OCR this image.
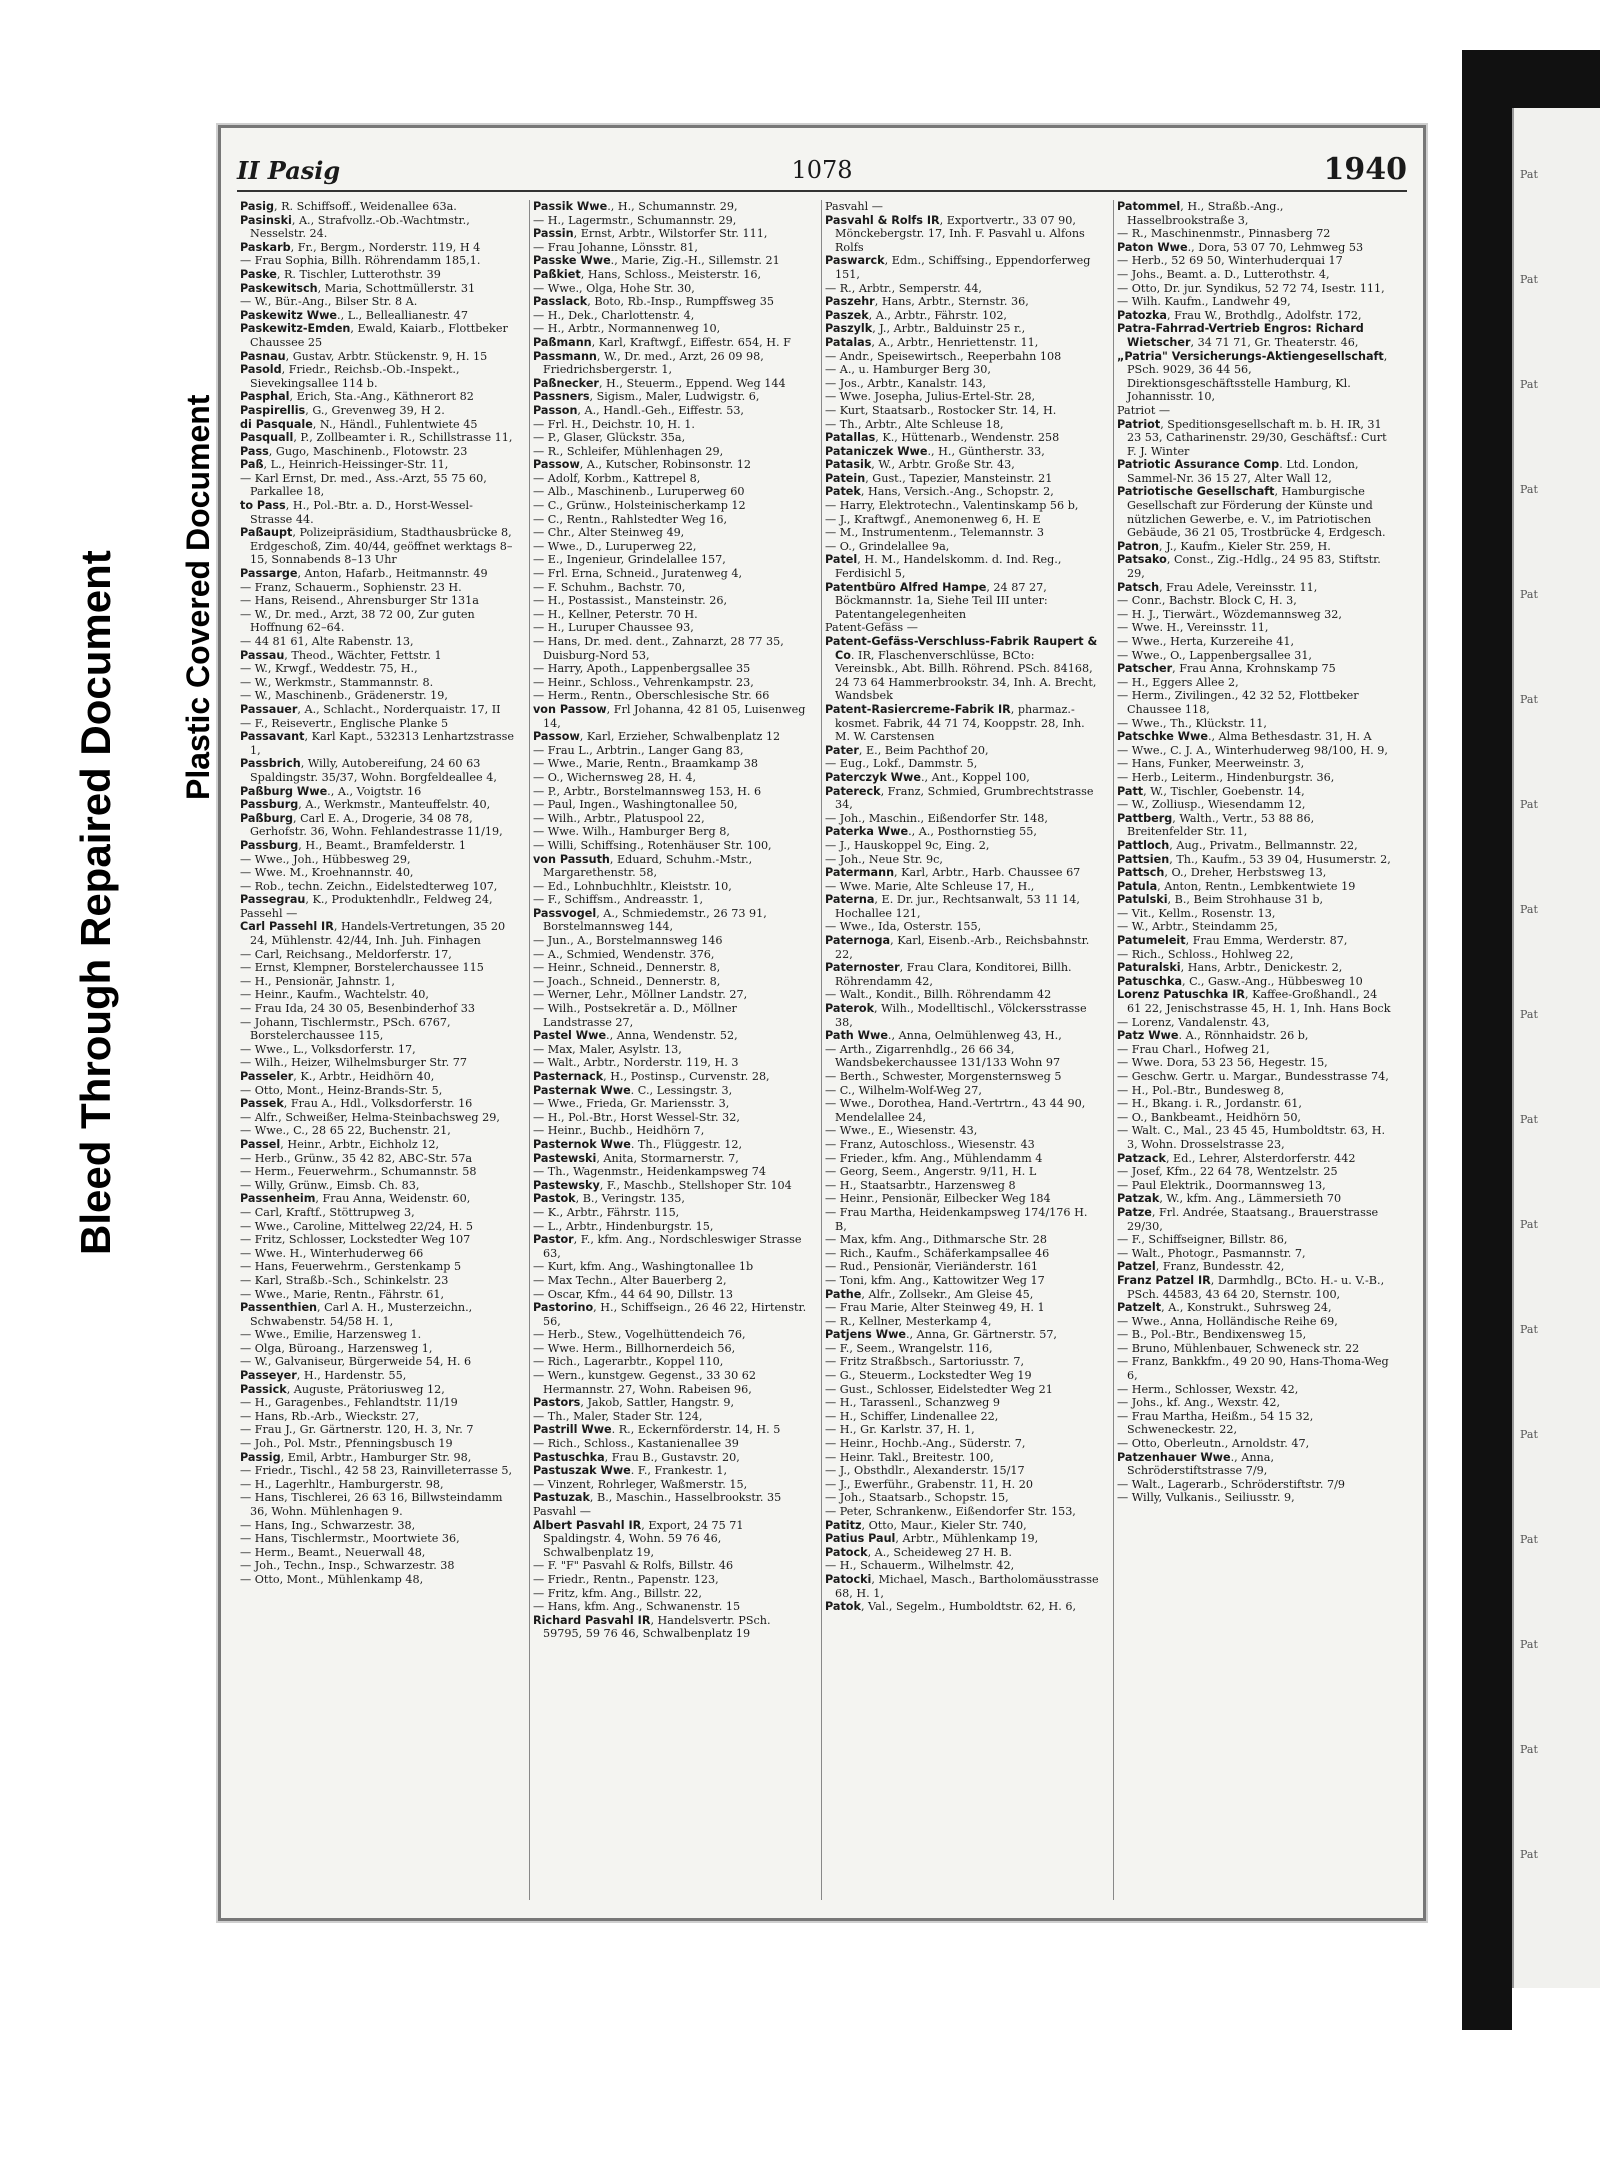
Bleed Through Repaired Document Plastic Covered Document
Pat
Pat
Pat
Pat
Pat
Pat
Pat
Pat
Pat
Pat
Pat
Pat
Pat
Pat
Pat
Pat
Pat
II Pasig	1078	1940

Pasig, R. Schiffsoff., Weidenallee 63a.

Pasinski, A., Strafvollz.-Ob.-Wachtmstr., Nesselstr. 24.

Paskarb, Fr., Bergm., Norderstr. 119, H 4

— Frau Sophia, Billh. Röhrendamm 185,1.

Paske, R. Tischler, Lutterothstr. 39

Paskewitsch, Maria, Schottmüllerstr. 31

— W., Bür.-Ang., Bilser Str. 8 A.

Paskewitz Wwe., L., Belleallianestr. 47

Paskewitz-Emden, Ewald, Kaiarb., Flottbeker Chaussee 25

Pasnau, Gustav, Arbtr. Stückenstr. 9, H. 15

Pasold, Friedr., Reichsb.-Ob.-Inspekt., Sievekingsallee 114 b.

Pasphal, Erich, Sta.-Ang., Käthnerort 82

Paspirellis, G., Grevenweg 39, H 2.

di Pasquale, N., Händl., Fuhlentwiete 45

Pasquall, P., Zollbeamter i. R., Schillstrasse 11,

Pass, Gugo, Maschinenb., Flotowstr. 23

Paß, L., Heinrich-Heissinger-Str. 11,

— Karl Ernst, Dr. med., Ass.-Arzt, 55 75 60, Parkallee 18,

to Pass, H., Pol.-Btr. a. D., Horst-Wessel-Strasse 44.

Paßaupt, Polizeipräsidium, Stadthausbrücke 8, Erdgeschoß, Zim. 40/44, geöffnet werktags 8–15, Sonnabends 8–13 Uhr

Passarge, Anton, Hafarb., Heitmannstr. 49

— Franz, Schauerm., Sophienstr. 23 H.

— Hans, Reisend., Ahrensburger Str 131a

— W., Dr. med., Arzt, 38 72 00, Zur guten Hoffnung 62–64.

— 44 81 61, Alte Rabenstr. 13,

Passau, Theod., Wächter, Fettstr. 1

— W., Krwgf., Weddestr. 75, H.,

— W., Werkmstr., Stammannstr. 8.

— W., Maschinenb., Grädenerstr. 19,

Passauer, A., Schlacht., Norderquaistr. 17, II

— F., Reisevertr., Englische Planke 5

Passavant, Karl Kapt., 532313 Lenhartzstrasse 1,

Passbrich, Willy, Autobereifung, 24 60 63 Spaldingstr. 35/37, Wohn. Borgfeldeallee 4,

Paßburg Wwe., A., Voigtstr. 16

Passburg, A., Werkmstr., Manteuffelstr. 40,

Paßburg, Carl E. A., Drogerie, 34 08 78, Gerhofstr. 36, Wohn. Fehlandestrasse 11/19,

Passburg, H., Beamt., Bramfelderstr. 1

— Wwe., Joh., Hübbesweg 29,

— Wwe. M., Kroehnannstr. 40,

— Rob., techn. Zeichn., Eidelstedterweg 107,

Passegrau, K., Produktenhdlr., Feldweg 24,

Passehl —

Carl Passehl IR, Handels-Vertretungen, 35 20 24, Mühlenstr. 42/44, Inh. Juh. Finhagen

— Carl, Reichsang., Meldorferstr. 17,

— Ernst, Klempner, Borstelerchaussee 115

— H., Pensionär, Jahnstr. 1,

— Heinr., Kaufm., Wachtelstr. 40,

— Frau Ida, 24 30 05, Besenbinderhof 33

— Johann, Tischlermstr., PSch. 6767, Borstelerchaussee 115,

— Wwe., L., Volksdorferstr. 17,

— Wilh., Heizer, Wilhelmsburger Str. 77

Passeler, K., Arbtr., Heidhörn 40,

— Otto, Mont., Heinz-Brands-Str. 5,

Passek, Frau A., Hdl., Volksdorferstr. 16

— Alfr., Schweißer, Helma-Steinbachsweg 29,

— Wwe., C., 28 65 22, Buchenstr. 21,

Passel, Heinr., Arbtr., Eichholz 12,

— Herb., Grünw., 35 42 82, ABC-Str. 57a

— Herm., Feuerwehrm., Schumannstr. 58

— Willy, Grünw., Eimsb. Ch. 83,

Passenheim, Frau Anna, Weidenstr. 60,

— Carl, Kraftf., Stöttrupweg 3,

— Wwe., Caroline, Mittelweg 22/24, H. 5

— Fritz, Schlosser, Lockstedter Weg 107

— Wwe. H., Winterhuderweg 66

— Hans, Feuerwehrm., Gerstenkamp 5

— Karl, Straßb.-Sch., Schinkelstr. 23

— Wwe., Marie, Rentn., Fährstr. 61,

Passenthien, Carl A. H., Musterzeichn., Schwabenstr. 54/58 H. 1,

— Wwe., Emilie, Harzensweg 1.

— Olga, Büroang., Harzensweg 1,

— W., Galvaniseur, Bürgerweide 54, H. 6

Passeyer, H., Hardenstr. 55,

Passick, Auguste, Prätoriusweg 12,

— H., Garagenbes., Fehlandtstr. 11/19

— Hans, Rb.-Arb., Wieckstr. 27,

— Frau J., Gr. Gärtnerstr. 120, H. 3, Nr. 7

— Joh., Pol. Mstr., Pfenningsbusch 19

Passig, Emil, Arbtr., Hamburger Str. 98,

— Friedr., Tischl., 42 58 23, Rainvilleterrasse 5,

— H., Lagerhltr., Hamburgerstr. 98,

— Hans, Tischlerei, 26 63 16, Billwsteindamm 36, Wohn. Mühlenhagen 9.

— Hans, Ing., Schwarzestr. 38,

— Hans, Tischlermstr., Moortwiete 36,

— Herm., Beamt., Neuerwall 48,

— Joh., Techn., Insp., Schwarzestr. 38

— Otto, Mont., Mühlenkamp 48,

Passik Wwe., H., Schumannstr. 29,

— H., Lagermstr., Schumannstr. 29,

Passin, Ernst, Arbtr., Wilstorfer Str. 111,

— Frau Johanne, Lönsstr. 81,

Passke Wwe., Marie, Zig.-H., Sillemstr. 21

Paßkiet, Hans, Schloss., Meisterstr. 16,

— Wwe., Olga, Hohe Str. 30,

Passlack, Boto, Rb.-Insp., Rumpffsweg 35

— H., Dek., Charlottenstr. 4,

— H., Arbtr., Normannenweg 10,

Paßmann, Karl, Kraftwgf., Eiffestr. 654, H. F

Passmann, W., Dr. med., Arzt, 26 09 98, Friedrichsbergerstr. 1,

Paßnecker, H., Steuerm., Eppend. Weg 144

Passners, Sigism., Maler, Ludwigstr. 6,

Passon, A., Handl.-Geh., Eiffestr. 53,

— Frl. H., Deichstr. 10, H. 1.

— P., Glaser, Glückstr. 35a,

— R., Schleifer, Mühlenhagen 29,

Passow, A., Kutscher, Robinsonstr. 12

— Adolf, Korbm., Kattrepel 8,

— Alb., Maschinenb., Luruperweg 60

— C., Grünw., Holsteinischerkamp 12

— C., Rentn., Rahlstedter Weg 16,

— Chr., Alter Steinweg 49,

— Wwe., D., Luruperweg 22,

— E., Ingenieur, Grindelallee 157,

— Frl. Erna, Schneid., Juratenweg 4,

— F. Schuhm., Bachstr. 70,

— H., Postassist., Mansteinstr. 26,

— H., Kellner, Peterstr. 70 H.

— H., Luruper Chaussee 93,

— Hans, Dr. med. dent., Zahnarzt, 28 77 35, Duisburg-Nord 53,

— Harry, Apoth., Lappenbergsallee 35

— Heinr., Schloss., Vehrenkampstr. 23,

— Herm., Rentn., Oberschlesische Str. 66

von Passow, Frl Johanna, 42 81 05, Luisenweg 14,

Passow, Karl, Erzieher, Schwalbenplatz 12

— Frau L., Arbtrin., Langer Gang 83,

— Wwe., Marie, Rentn., Braamkamp 38

— O., Wichernsweg 28, H. 4,

— P., Arbtr., Borstelmannsweg 153, H. 6

— Paul, Ingen., Washingtonallee 50,

— Wilh., Arbtr., Platuspool 22,

— Wwe. Wilh., Hamburger Berg 8,

— Willi, Schiffsing., Rotenhäuser Str. 100,

von Passuth, Eduard, Schuhm.-Mstr., Margarethenstr. 58,

— Ed., Lohnbuchhltr., Kleiststr. 10,

— F., Schiffsm., Andreasstr. 1,

Passvogel, A., Schmiedemstr., 26 73 91, Borstelmannsweg 144,

— Jun., A., Borstelmannsweg 146

— A., Schmied, Wendenstr. 376,

— Heinr., Schneid., Dennerstr. 8,

— Joach., Schneid., Dennerstr. 8,

— Werner, Lehr., Möllner Landstr. 27,

— Wilh., Postsekretär a. D., Möllner Landstrasse 27,

Pastel Wwe., Anna, Wendenstr. 52,

— Max, Maler, Asylstr. 13,

— Walt., Arbtr., Norderstr. 119, H. 3

Pasternack, H., Postinsp., Curvenstr. 28,

Pasternak Wwe. C., Lessingstr. 3,

— Wwe., Frieda, Gr. Mariensstr. 3,

— H., Pol.-Btr., Horst Wessel-Str. 32,

— Heinr., Buchb., Heidhörn 7,

Pasternok Wwe. Th., Flüggestr. 12,

Pastewski, Anita, Stormarnerstr. 7,

— Th., Wagenmstr., Heidenkampsweg 74

Pastewsky, F., Maschb., Stellshoper Str. 104

Pastok, B., Veringstr. 135,

— K., Arbtr., Fährstr. 115,

— L., Arbtr., Hindenburgstr. 15,

Pastor, F., kfm. Ang., Nordschleswiger Strasse 63,

— Kurt, kfm. Ang., Washingtonallee 1b

— Max Techn., Alter Bauerberg 2,

— Oscar, Kfm., 44 64 90, Dillstr. 13

Pastorino, H., Schiffseign., 26 46 22, Hirtenstr. 56,

— Herb., Stew., Vogelhüttendeich 76,

— Wwe. Herm., Billhornerdeich 56,

— Rich., Lagerarbtr., Koppel 110,

— Wern., kunstgew. Gegenst., 33 30 62 Hermannstr. 27, Wohn. Rabeisen 96,

Pastors, Jakob, Sattler, Hangstr. 9,

— Th., Maler, Stader Str. 124,

Pastrill Wwe. R., Eckernförderstr. 14, H. 5

— Rich., Schloss., Kastanienallee 39

Pastuschka, Frau B., Gustavstr. 20,

Pastuszak Wwe. F., Frankestr. 1,

— Vinzent, Rohrleger, Waßmerstr. 15,

Pastuzak, B., Maschin., Hasselbrookstr. 35

Pasvahl —

Albert Pasvahl IR, Export, 24 75 71 Spaldingstr. 4, Wohn. 59 76 46, Schwalbenplatz 19,

— F. "F" Pasvahl & Rolfs, Billstr. 46

— Friedr., Rentn., Papenstr. 123,

— Fritz, kfm. Ang., Billstr. 22,

— Hans, kfm. Ang., Schwanenstr. 15

Richard Pasvahl IR, Handelsvertr. PSch. 59795, 59 76 46, Schwalbenplatz 19

Pasvahl —

Pasvahl & Rolfs IR, Exportvertr., 33 07 90, Mönckebergstr. 17, Inh. F. Pasvahl u. Alfons Rolfs

Paswarck, Edm., Schiffsing., Eppendorferweg 151,

— R., Arbtr., Semperstr. 44,

Paszehr, Hans, Arbtr., Sternstr. 36,

Paszek, A., Arbtr., Fährstr. 102,

Paszylk, J., Arbtr., Balduinstr 25 r.,

Patalas, A., Arbtr., Henriettenstr. 11,

— Andr., Speisewirtsch., Reeperbahn 108

— A., u. Hamburger Berg 30,

— Jos., Arbtr., Kanalstr. 143,

— Wwe. Josepha, Julius-Ertel-Str. 28,

— Kurt, Staatsarb., Rostocker Str. 14, H.

— Th., Arbtr., Alte Schleuse 18,

Patallas, K., Hüttenarb., Wendenstr. 258

Pataniczek Wwe., H., Güntherstr. 33,

Patasik, W., Arbtr. Große Str. 43,

Patein, Gust., Tapezier, Mansteinstr. 21

Patek, Hans, Versich.-Ang., Schopstr. 2,

— Harry, Elektrotechn., Valentinskamp 56 b,

— J., Kraftwgf., Anemonenweg 6, H. E

— M., Instrumentenm., Telemannstr. 3

— O., Grindelallee 9a,

Patel, H. M., Handelskomm. d. Ind. Reg., Ferdisichl 5,

Patentbüro Alfred Hampe, 24 87 27, Böckmannstr. 1a, Siehe Teil III unter: Patentangelegenheiten

Patent-Gefäss —

Patent-Gefäss-Verschluss-Fabrik Raupert & Co. IR, Flaschenverschlüsse, BCto: Vereinsbk., Abt. Billh. Röhrend. PSch. 84168, 24 73 64 Hammerbrookstr. 34, Inh. A. Brecht, Wandsbek

Patent-Rasiercreme-Fabrik IR, pharmaz.-kosmet. Fabrik, 44 71 74, Kooppstr. 28, Inh. M. W. Carstensen

Pater, E., Beim Pachthof 20,

— Eug., Lokf., Dammstr. 5,

Paterczyk Wwe., Ant., Koppel 100,

Patereck, Franz, Schmied, Grumbrechtstrasse 34,

— Joh., Maschin., Eißendorfer Str. 148,

Paterka Wwe., A., Posthornstieg 55,

— J., Hauskoppel 9c, Eing. 2,

— Joh., Neue Str. 9c,

Patermann, Karl, Arbtr., Harb. Chaussee 67

— Wwe. Marie, Alte Schleuse 17, H.,

Paterna, E. Dr. jur., Rechtsanwalt, 53 11 14, Hochallee 121,

— Wwe., Ida, Osterstr. 155,

Paternoga, Karl, Eisenb.-Arb., Reichsbahnstr. 22,

Paternoster, Frau Clara, Konditorei, Billh. Röhrendamm 42,

— Walt., Kondit., Billh. Röhrendamm 42

Paterok, Wilh., Modelltischl., Völckersstrasse 38,

Path Wwe., Anna, Oelmühlenweg 43, H.,

— Arth., Zigarrenhdlg., 26 66 34, Wandsbekerchaussee 131/133 Wohn 97

— Berth., Schwester, Morgensternsweg 5

— C., Wilhelm-Wolf-Weg 27,

— Wwe., Dorothea, Hand.-Vertrtrn., 43 44 90, Mendelallee 24,

— Wwe., E., Wiesenstr. 43,

— Franz, Autoschloss., Wiesenstr. 43

— Frieder., kfm. Ang., Mühlendamm 4

— Georg, Seem., Angerstr. 9/11, H. L

— H., Staatsarbtr., Harzensweg 8

— Heinr., Pensionär, Eilbecker Weg 184

— Frau Martha, Heidenkampsweg 174/176 H. B,

— Max, kfm. Ang., Dithmarsche Str. 28

— Rich., Kaufm., Schäferkampsallee 46

— Rud., Pensionär, Vieriänderstr. 161

— Toni, kfm. Ang., Kattowitzer Weg 17

Pathe, Alfr., Zollsekr., Am Gleise 45,

— Frau Marie, Alter Steinweg 49, H. 1

— R., Kellner, Mesterkamp 4,

Patjens Wwe., Anna, Gr. Gärtnerstr. 57,

— F., Seem., Wrangelstr. 116,

— Fritz Straßbsch., Sartoriusstr. 7,

— G., Steuerm., Lockstedter Weg 19

— Gust., Schlosser, Eidelstedter Weg 21

— H., Tarassenl., Schanzweg 9

— H., Schiffer, Lindenallee 22,

— H., Gr. Karlstr. 37, H. 1,

— Heinr., Hochb.-Ang., Süderstr. 7,

— Heinr. Takl., Breitestr. 100,

— J., Obsthdlr., Alexanderstr. 15/17

— J., Ewerführ., Grabenstr. 11, H. 20

— Joh., Staatsarb., Schopstr. 15,

— Peter, Schrankenw., Eißendorfer Str. 153,

Patitz, Otto, Maur., Kieler Str. 740,

Patius Paul, Arbtr., Mühlenkamp 19,

Patock, A., Scheideweg 27 H. B.

— H., Schauerm., Wilhelmstr. 42,

Patocki, Michael, Masch., Bartholomäusstrasse 68, H. 1,

Patok, Val., Segelm., Humboldtstr. 62, H. 6,

Patommel, H., Straßb.-Ang., Hasselbrookstraße 3,

— R., Maschinenmstr., Pinnasberg 72

Paton Wwe., Dora, 53 07 70, Lehmweg 53

— Herb., 52 69 50, Winterhuderquai 17

— Johs., Beamt. a. D., Lutterothstr. 4,

— Otto, Dr. jur. Syndikus, 52 72 74, Isestr. 111,

— Wilh. Kaufm., Landwehr 49,

Patozka, Frau W., Brothdlg., Adolfstr. 172,

Patra-Fahrrad-Vertrieb Engros: Richard Wietscher, 34 71 71, Gr. Theaterstr. 46,

„Patria" Versicherungs-Aktiengesellschaft, PSch. 9029, 36 44 56, Direktionsgeschäftsstelle Hamburg, Kl. Johannisstr. 10,

Patriot —

Patriot, Speditionsgesellschaft m. b. H. IR, 31 23 53, Catharinenstr. 29/30, Geschäftsf.: Curt F. J. Winter

Patriotic Assurance Comp. Ltd. London, Sammel-Nr. 36 15 27, Alter Wall 12,

Patriotische Gesellschaft, Hamburgische Gesellschaft zur Förderung der Künste und nützlichen Gewerbe, e. V., im Patriotischen Gebäude, 36 21 05, Trostbrücke 4, Erdgesch.

Patron, J., Kaufm., Kieler Str. 259, H.

Patsako, Const., Zig.-Hdlg., 24 95 83, Stiftstr. 29,

Patsch, Frau Adele, Vereinsstr. 11,

— Conr., Bachstr. Block C, H. 3,

— H. J., Tierwärt., Wözdemannsweg 32,

— Wwe. H., Vereinsstr. 11,

— Wwe., Herta, Kurzereihe 41,

— Wwe., O., Lappenbergsallee 31,

Patscher, Frau Anna, Krohnskamp 75

— H., Eggers Allee 2,

— Herm., Zivilingen., 42 32 52, Flottbeker Chaussee 118,

— Wwe., Th., Klückstr. 11,

Patschke Wwe., Alma Bethesdastr. 31, H. A

— Wwe., C. J. A., Winterhuderweg 98/100, H. 9,

— Hans, Funker, Meerweinstr. 3,

— Herb., Leiterm., Hindenburgstr. 36,

Patt, W., Tischler, Goebenstr. 14,

— W., Zolliusp., Wiesendamm 12,

Pattberg, Walth., Vertr., 53 88 86, Breitenfelder Str. 11,

Pattloch, Aug., Privatm., Bellmannstr. 22,

Pattsien, Th., Kaufm., 53 39 04, Husumerstr. 2,

Pattsch, O., Dreher, Herbstsweg 13,

Patula, Anton, Rentn., Lembkentwiete 19

Patulski, B., Beim Strohhause 31 b,

— Vit., Kellm., Rosenstr. 13,

— W., Arbtr., Steindamm 25,

Patumeleit, Frau Emma, Werderstr. 87,

— Rich., Schloss., Hohlweg 22,

Paturalski, Hans, Arbtr., Denickestr. 2,

Patuschka, C., Gasw.-Ang., Hübbesweg 10

Lorenz Patuschka IR, Kaffee-Großhandl., 24 61 22, Jenischstrasse 45, H. 1, Inh. Hans Bock

— Lorenz, Vandalenstr. 43,

Patz Wwe. A., Rönnhaidstr. 26 b,

— Frau Charl., Hofweg 21,

— Wwe. Dora, 53 23 56, Hegestr. 15,

— Geschw. Gertr. u. Margar., Bundesstrasse 74,

— H., Pol.-Btr., Bundesweg 8,

— H., Bkang. i. R., Jordanstr. 61,

— O., Bankbeamt., Heidhörn 50,

— Walt. C., Mal., 23 45 45, Humboldtstr. 63, H. 3, Wohn. Drosselstrasse 23,

Patzack, Ed., Lehrer, Alsterdorferstr. 442

— Josef, Kfm., 22 64 78, Wentzelstr. 25

— Paul Elektrik., Doormannsweg 13,

Patzak, W., kfm. Ang., Lämmersieth 70

Patze, Frl. Andrée, Staatsang., Brauerstrasse 29/30,

— F., Schiffseigner, Billstr. 86,

— Walt., Photogr., Pasmannstr. 7,

Patzel, Franz, Bundesstr. 42,

Franz Patzel IR, Darmhdlg., BCto. H.- u. V.-B., PSch. 44583, 43 64 20, Sternstr. 100,

Patzelt, A., Konstrukt., Suhrsweg 24,

— Wwe., Anna, Holländische Reihe 69,

— B., Pol.-Btr., Bendixensweg 15,

— Bruno, Mühlenbauer, Schweneck str. 22

— Franz, Bankkfm., 49 20 90, Hans-Thoma-Weg 6,

— Herm., Schlosser, Wexstr. 42,

— Johs., kf. Ang., Wexstr. 42,

— Frau Martha, Heißm., 54 15 32, Schweneckestr. 22,

— Otto, Oberleutn., Arnoldstr. 47,

Patzenhauer Wwe., Anna, Schröderstiftstrasse 7/9,

— Walt., Lagerarb., Schröderstiftstr. 7/9

— Willy, Vulkanis., Seiliusstr. 9,
